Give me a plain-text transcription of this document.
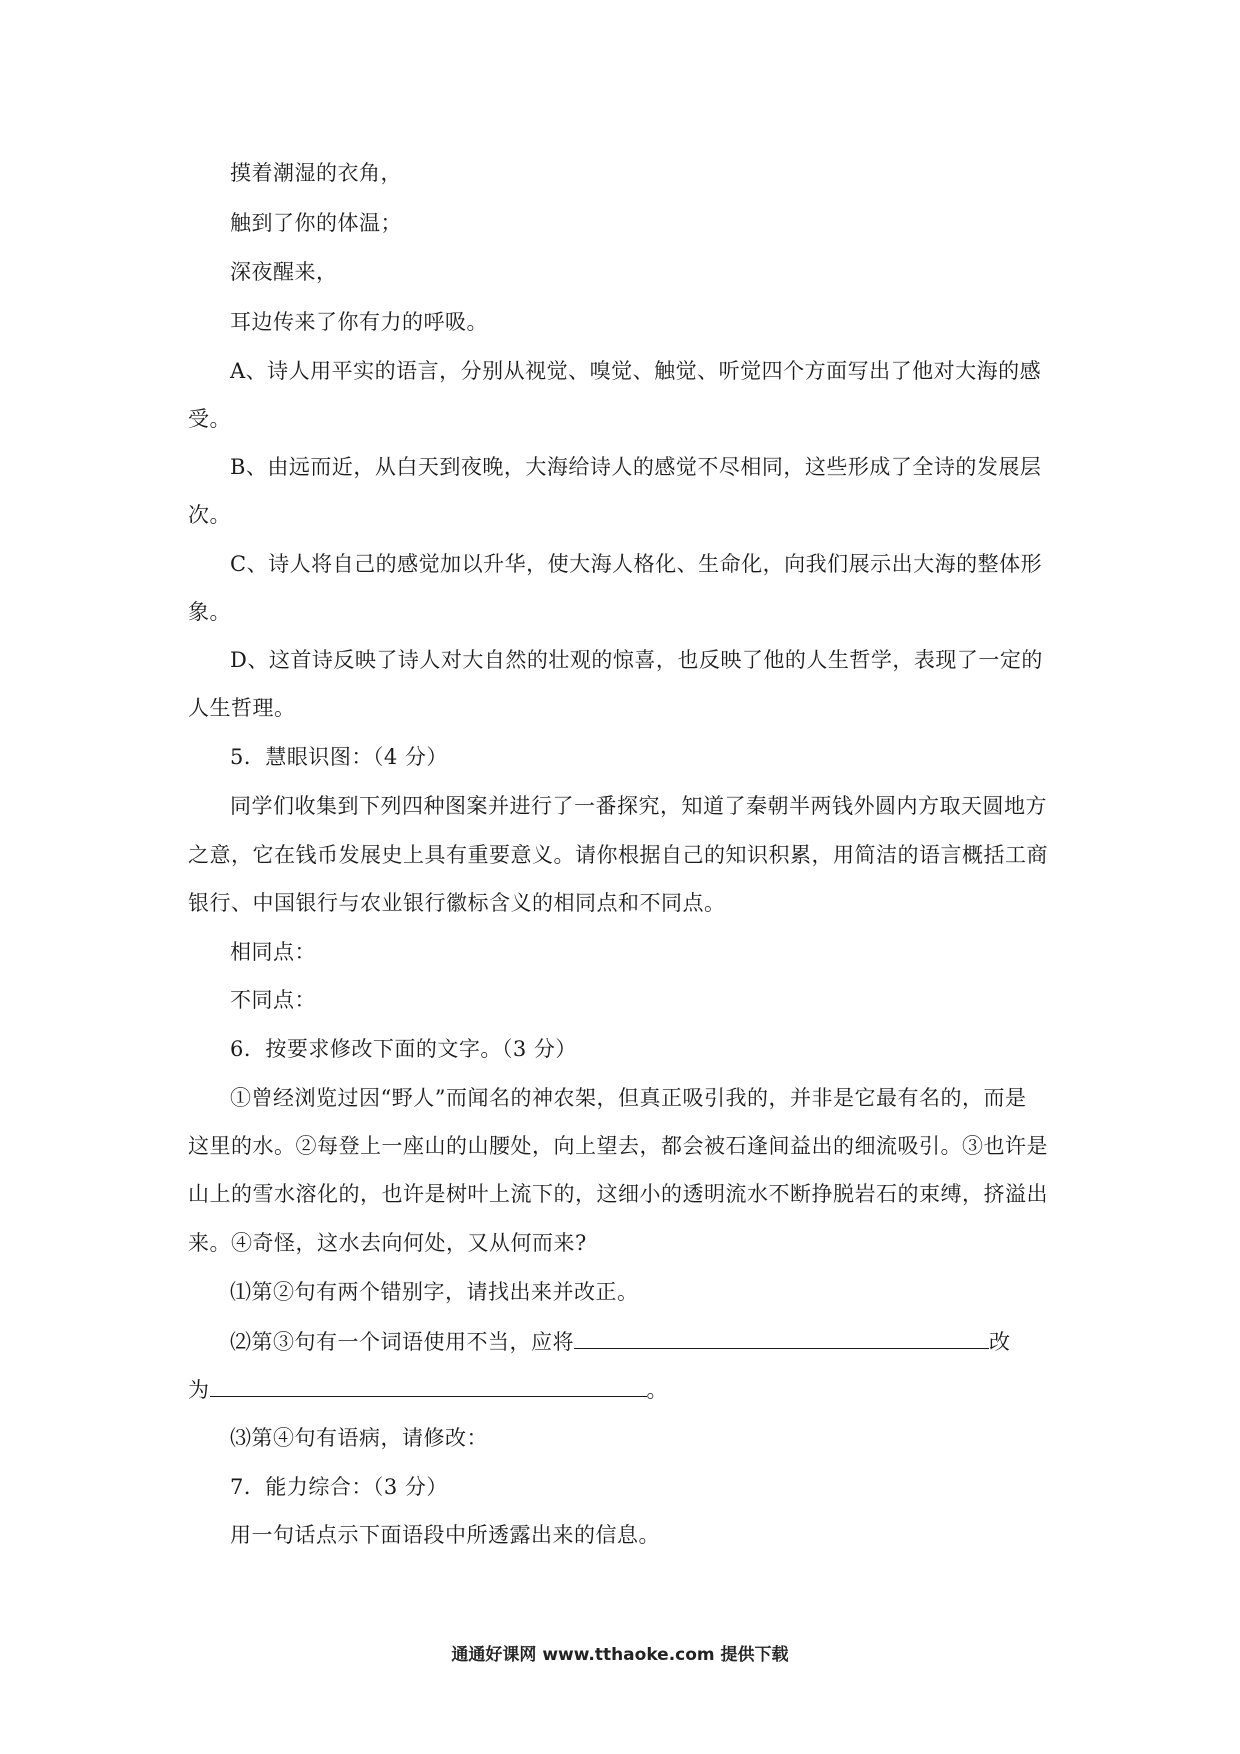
摸着潮湿的衣角，
触到了你的体温；
深夜醒来，
耳边传来了你有力的呼吸。
A、诗人用平实的语言，分别从视觉、嗅觉、触觉、听觉四个方面写出了他对大海的感
受。
B、由远而近，从白天到夜晚，大海给诗人的感觉不尽相同，这些形成了全诗的发展层
次。
C、诗人将自己的感觉加以升华，使大海人格化、生命化，向我们展示出大海的整体形
象。
D、这首诗反映了诗人对大自然的壮观的惊喜，也反映了他的人生哲学，表现了一定的
人生哲理。
5．慧眼识图：（4 分）
同学们收集到下列四种图案并进行了一番探究，知道了秦朝半两钱外圆内方取天圆地方
之意，它在钱币发展史上具有重要意义。请你根据自己的知识积累，用简洁的语言概括工商
银行、中国银行与农业银行徽标含义的相同点和不同点。
相同点：
不同点：
6．按要求修改下面的文字。（3 分）
①曾经浏览过因“野人”而闻名的神农架，但真正吸引我的，并非是它最有名的，而是
这里的水。②每登上一座山的山腰处，向上望去，都会被石逢间益出的细流吸引。③也许是
山上的雪水溶化的，也许是树叶上流下的，这细小的透明流水不断挣脱岩石的束缚，挤溢出
来。④奇怪，这水去向何处，又从何而来?
⑴第②句有两个错别字，请找出来并改正。
⑵第③句有一个词语使用不当，应将	改
为	。
⑶第④句有语病，请修改：
7．能力综合：（3 分）
用一句话点示下面语段中所透露出来的信息。
通通好课网 www.tthaoke.com 提供下载
